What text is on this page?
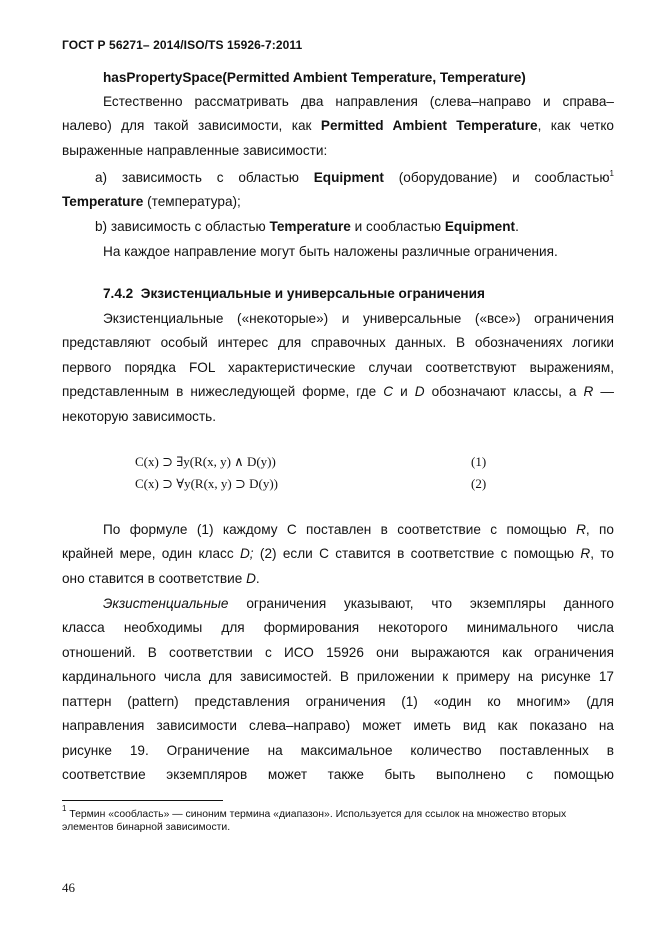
ГОСТ Р 56271– 2014/ISO/TS 15926-7:2011
hasPropertySpace(Permitted Ambient Temperature, Temperature)
Естественно рассматривать два направления (слева–направо и справа–
налево) для такой зависимости, как Permitted Ambient Temperature, как четко
выраженные направленные зависимости:
а) зависимость с областью Equipment (оборудование) и сообластью$^1$
Temperature (температура);
b) зависимость с областью Temperature и сообластью Equipment.
На каждое направление могут быть наложены различные ограничения.
7.4.2 Экзистенциальные и универсальные ограничения
Экзистенциальные («некоторые») и универсальные («все») ограничения
представляют особый интерес для справочных данных. В обозначениях логики
первого порядка FOL характеристические случаи соответствуют выражениям,
представленным в нижеследующей форме, где C и D обозначают классы, а R —
некоторую зависимость.
C(x) ⊃ ∃y(R(x, y) ∧ D(y))	(1)
C(x) ⊃ ∀y(R(x, y) ⊃ D(y))	(2)
По формуле (1) каждому C поставлен в соответствие с помощью R, по
крайней мере, один класс D; (2) если C ставится в соответствие с помощью R, то
оно ставится в соответствие D.
Экзистенциальные ограничения указывают, что экземпляры данного
класса необходимы для формирования некоторого минимального числа
отношений. В соответствии с ИСО 15926 они выражаются как ограничения
кардинального числа для зависимостей. В приложении к примеру на рисунке 17
паттерн (pattern) представления ограничения (1) «один ко многим» (для
направления зависимости слева–направо) может иметь вид как показано на
рисунке 19. Ограничение на максимальное количество поставленных в
соответствие экземпляров может также быть выполнено с помощью
$^1$ Термин «сообласть» — синоним термина «диапазон». Используется для ссылок на множество вторых элементов бинарной зависимости.
46
